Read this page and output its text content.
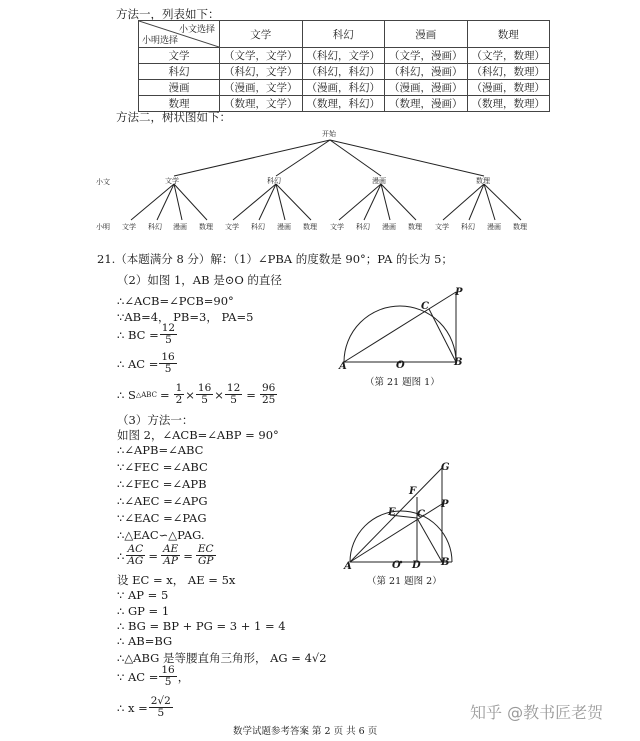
方法一，列表如下：
小文选择
小明选择	文学	科幻	漫画	数理
文学	（文学，文学）	（科幻，文学）	（文学，漫画）	（文学，数理）
科幻	（科幻，文学）	（科幻，科幻）	（科幻，漫画）	（科幻，数理）
漫画	（漫画，文学）	（漫画，科幻）	（漫画，漫画）	（漫画，数理）
数理	（数理，文学）	（数理，科幻）	（数理，漫画）	（数理，数理）
方法二，树状图如下：
开始
小文
小明
文学	科幻	漫画	数理
文学 科幻 漫画 数理 文学 科幻 漫画 数理 文学 科幻 漫画 数理 文学 科幻 漫画 数理
21.（本题满分 8 分）解：（1）∠PBA 的度数是 90°；PA 的长为 5；
（2）如图 1，AB 是⊙O 的直径
∴∠ACB=∠PCB=90°
∵AB=4， PB=3， PA=5
∴ BC = $\frac{12}{5}$
∴ AC = $\frac{16}{5}$
∴ S △ABC = $\frac{1}{2} \times \frac{16}{5} \times \frac{12}{5} = \frac{96}{25}$
（3）方法一：
如图 2，∠ACB=∠ABP = 90°
∴∠APB=∠ABC
∵∠FEC =∠ABC
∴∠FEC =∠APB
∴∠AEC =∠APG
∵∠EAC =∠PAG
∴△EAC∽△PAG.
∴ $\frac{AC}{AG} = \frac{AE}{AP} = \frac{EC}{GP}$
设 EC = x， AE = 5x
∵ AP = 5
∴ GP = 1
∴ BG = BP + PG = 3 + 1 = 4
∴ AB=BG
∴△ABG 是等腰直角三角形， AG = 4√2
∵ AC = $\frac{16}{5}$ ，
∴ $x = \frac{2√2}{5}$
A	B
C
O
P
（第 21 题图 1）
A	B
C
D
E
F
G
O
P
（第 21 题图 2）
知乎 @教书匠老贺
数学试题参考答案 第 2 页 共 6 页
